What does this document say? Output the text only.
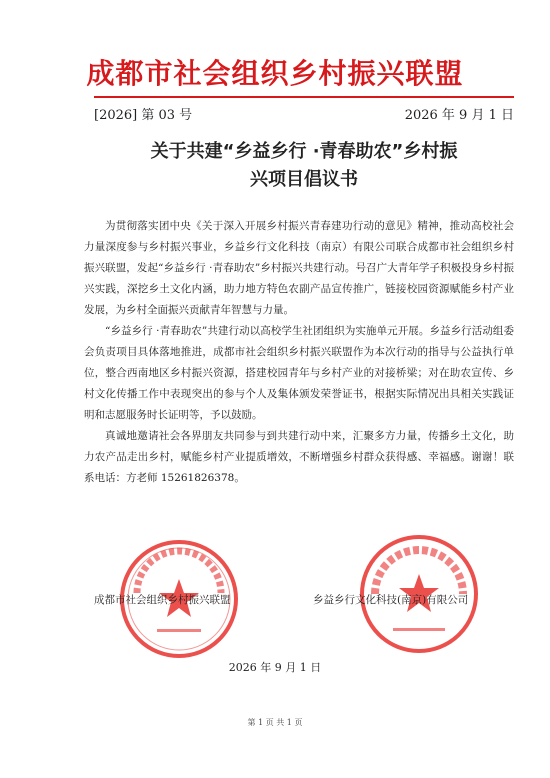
成都市社会组织乡村振兴联盟
[2026] 第 03 号	2026 年 9 月 1 日
关于共建“乡益乡行 ·青春助农”乡村振
兴项目倡议书

为贯彻落实团中央《关于深入开展乡村振兴青春建功行动的意见》精神，推动高校社会力量深度参与乡村振兴事业，乡益乡行文化科技（南京）有限公司联合成都市社会组织乡村振兴联盟，发起“乡益乡行 ·青春助农”乡村振兴共建行动。号召广大青年学子积极投身乡村振兴实践，深挖乡土文化内涵，助力地方特色农副产品宣传推广，链接校园资源赋能乡村产业发展，为乡村全面振兴贡献青年智慧与力量。

“乡益乡行 ·青春助农”共建行动以高校学生社团组织为实施单元开展。乡益乡行活动组委会负责项目具体落地推进，成都市社会组织乡村振兴联盟作为本次行动的指导与公益执行单位，整合西南地区乡村振兴资源，搭建校园青年与乡村产业的对接桥梁；对在助农宣传、乡村文化传播工作中表现突出的参与个人及集体颁发荣誉证书，根据实际情况出具相关实践证明和志愿服务时长证明等，予以鼓励。

真诚地邀请社会各界朋友共同参与到共建行动中来，汇聚多方力量，传播乡土文化，助力农产品走出乡村，赋能乡村产业提质增效，不断增强乡村群众获得感、幸福感。谢谢！联系电话：方老师 15261826378。

成都市社会组织乡村振兴联盟	乡益乡行文化科技(南京)有限公司
2026 年 9 月 1 日
第 1 页 共 1 页
